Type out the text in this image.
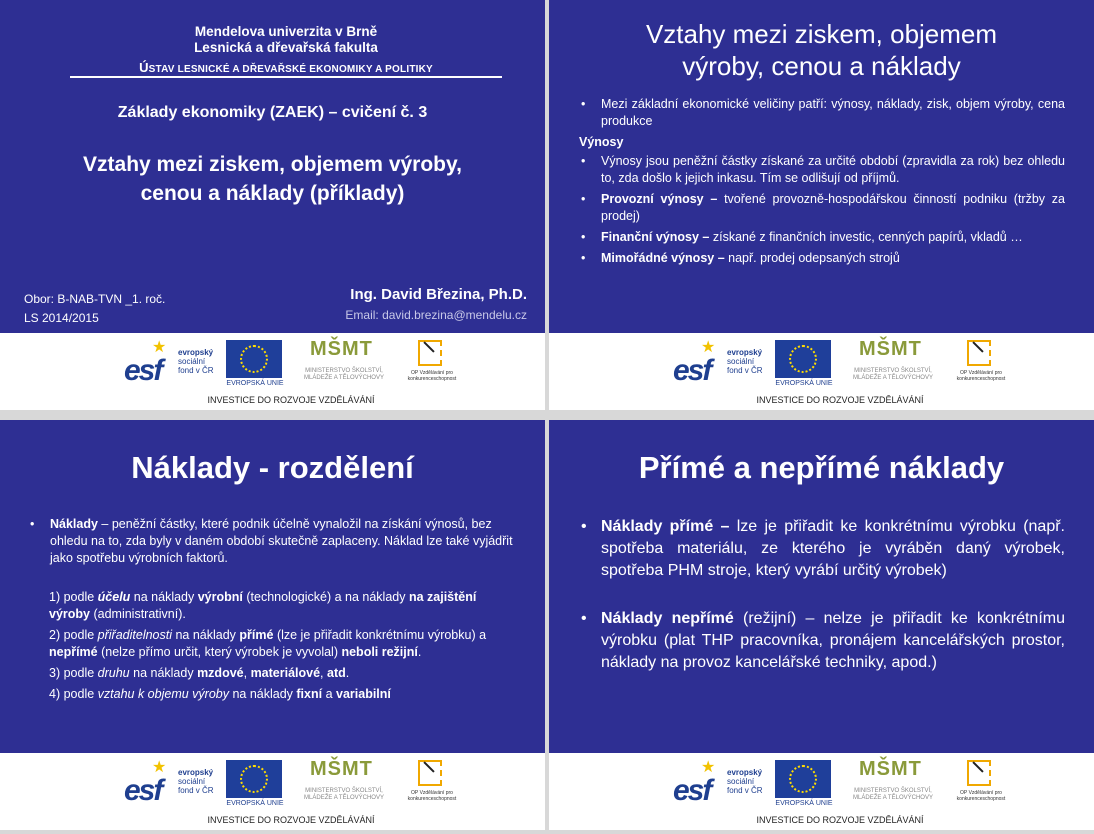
Mendelova univerzita v Brně
Lesnická a dřevařská fakulta
ÚSTAV LESNICKÉ A DŘEVAŘSKÉ EKONOMIKY A POLITIKY
Základy ekonomiky (ZAEK) – cvičení č. 3
Vztahy mezi ziskem, objemem výroby,
cenou a náklady (příklady)
Obor: B-NAB-TVN _1. roč.
LS 2014/2015
Ing. David Březina, Ph.D.
Email: david.brezina@mendelu.cz
★
esf
evropský
sociální
fond v ČR
EVROPSKÁ UNIE
MŠMT
MINISTERSTVO ŠKOLSTVÍ, MLÁDEŽE A TĚLOVÝCHOVY
OP Vzdělávání pro konkurenceschopnost
INVESTICE DO ROZVOJE VZDĚLÁVÁNÍ
Vztahy mezi ziskem, objemem
výroby, cenou a náklady
• Mezi základní ekonomické veličiny patří: výnosy, náklady, zisk, objem výroby, cena produkce
Výnosy
• Výnosy jsou peněžní částky získané za určité období (zpravidla za rok) bez ohledu to, zda došlo k jejich inkasu. Tím se odlišují od příjmů.
• Provozní výnosy – tvořené provozně-hospodářskou činností podniku (tržby za prodej)
• Finanční výnosy – získané z finančních investic, cenných papírů, vkladů …
• Mimořádné výnosy – např. prodej odepsaných strojů
★
esf
evropský
sociální
fond v ČR
EVROPSKÁ UNIE
MŠMT
MINISTERSTVO ŠKOLSTVÍ, MLÁDEŽE A TĚLOVÝCHOVY
OP Vzdělávání pro konkurenceschopnost
INVESTICE DO ROZVOJE VZDĚLÁVÁNÍ
Náklady - rozdělení
• Náklady – peněžní částky, které podnik účelně vynaložil na získání výnosů, bez ohledu na to, zda byly v daném období skutečně zaplaceny. Náklad lze také vyjádřit jako spotřebu výrobních faktorů.
1) podle účelu na náklady výrobní (technologické) a na náklady na zajištění výroby (administrativní).
2) podle přiřaditelnosti na náklady přímé (lze je přiřadit konkrétnímu výrobku) a nepřímé (nelze přímo určit, který výrobek je vyvolal) neboli režijní.
3) podle druhu na náklady mzdové, materiálové, atd.
4) podle vztahu k objemu výroby na náklady fixní a variabilní
★
esf
evropský
sociální
fond v ČR
EVROPSKÁ UNIE
MŠMT
MINISTERSTVO ŠKOLSTVÍ, MLÁDEŽE A TĚLOVÝCHOVY
OP Vzdělávání pro konkurenceschopnost
INVESTICE DO ROZVOJE VZDĚLÁVÁNÍ
Přímé a nepřímé náklady
• Náklady přímé – lze je přiřadit ke konkrétnímu výrobku (např. spotřeba materiálu, ze kterého je vyráběn daný výrobek, spotřeba PHM stroje, který vyrábí určitý výrobek)
• Náklady nepřímé (režijní) – nelze je přiřadit ke konkrétnímu výrobku (plat THP pracovníka, pronájem kancelářských prostor, náklady na provoz kancelářské techniky, apod.)
★
esf
evropský
sociální
fond v ČR
EVROPSKÁ UNIE
MŠMT
MINISTERSTVO ŠKOLSTVÍ, MLÁDEŽE A TĚLOVÝCHOVY
OP Vzdělávání pro konkurenceschopnost
INVESTICE DO ROZVOJE VZDĚLÁVÁNÍ
